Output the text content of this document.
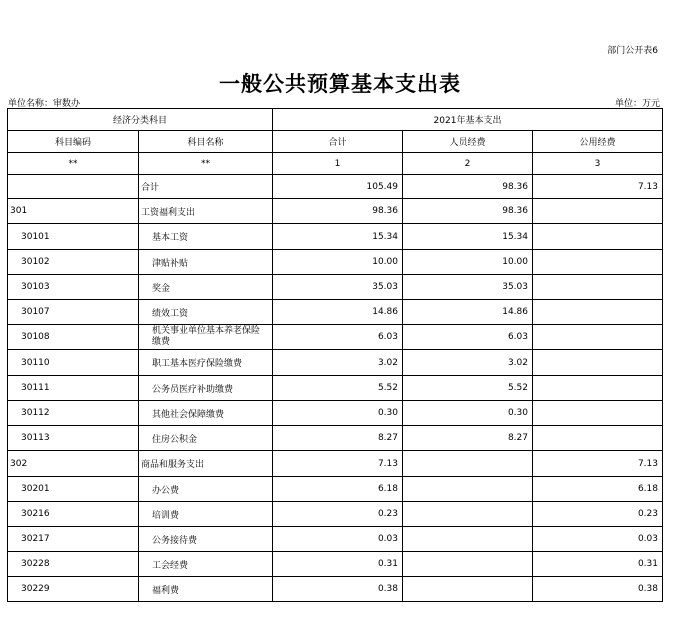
部门公开表6
一般公共预算基本支出表
单位名称：审数办	单位：万元
经济分类科目		2021年基本支出		
科目编码	科目名称	合计	人员经费	公用经费
**	**	1	2	3
	合计	105.49	98.36	7.13
301	工资福利支出	98.36	98.36	
30101	基本工资	15.34	15.34	
30102	津贴补贴	10.00	10.00	
30103	奖金	35.03	35.03	
30107	绩效工资	14.86	14.86	
30108	机关事业单位基本养老保险缴费	6.03	6.03	
30110	职工基本医疗保险缴费	3.02	3.02	
30111	公务员医疗补助缴费	5.52	5.52	
30112	其他社会保障缴费	0.30	0.30	
30113	住房公积金	8.27	8.27	
302	商品和服务支出	7.13		7.13
30201	办公费	6.18		6.18
30216	培训费	0.23		0.23
30217	公务接待费	0.03		0.03
30228	工会经费	0.31		0.31
30229	福利费	0.38		0.38
